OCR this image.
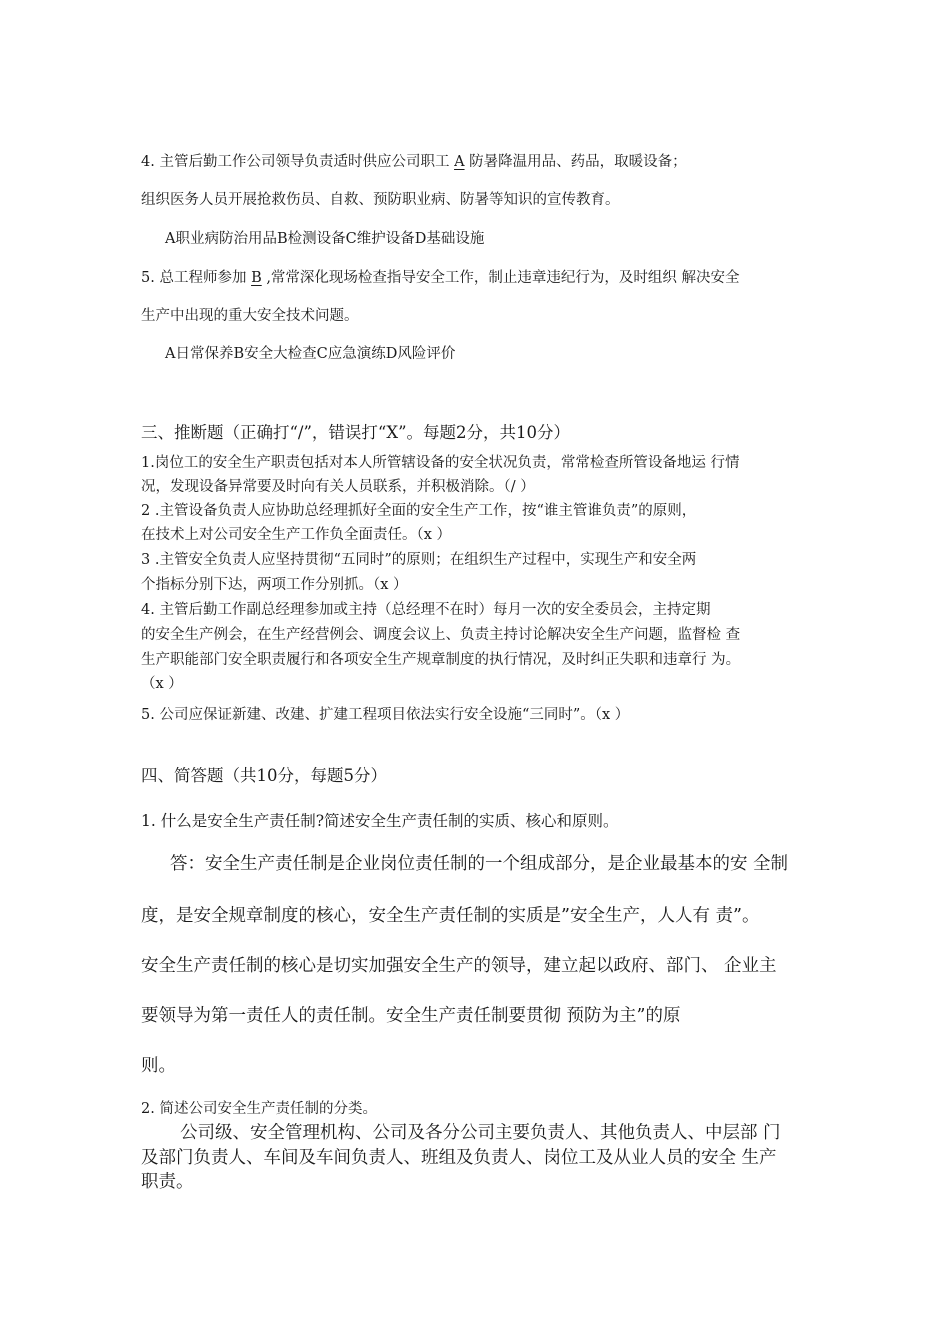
4. 主管后勤工作公司领导负责适时供应公司职工 A 防暑降温用品、药品，取暖设备；
组织医务人员开展抢救伤员、自救、预防职业病、防暑等知识的宣传教育。
A职业病防治用品B检测设备C维护设备D基础设施
5. 总工程师参加 B ,常常深化现场检查指导安全工作，制止违章违纪行为，及时组织 解决安全
生产中出现的重大安全技术问题。
A日常保养B安全大检查C应急演练D风险评价
三、推断题（正确打“/”，错误打“X”。每题2分，共10分）
1.岗位工的安全生产职责包括对本人所管辖设备的安全状况负责，常常检查所管设备地运 行情
况，发现设备异常要及时向有关人员联系，并积极消除。（/ ）
2 .主管设备负责人应协助总经理抓好全面的安全生产工作，按“谁主管谁负责”的原则，
在技术上对公司安全生产工作负全面责任。（x ）
3 .主管安全负责人应坚持贯彻“五同时”的原则；在组织生产过程中，实现生产和安全两
个指标分别下达，两项工作分别抓。（x ）
4. 主管后勤工作副总经理参加或主持（总经理不在时）每月一次的安全委员会，主持定期
的安全生产例会，在生产经营例会、调度会议上、负责主持讨论解决安全生产问题，监督检 查
生产职能部门安全职责履行和各项安全生产规章制度的执行情况，及时纠正失职和违章行 为。
（x ）
5. 公司应保证新建、改建、扩建工程项目依法实行安全设施“三同时”。（x ）
四、简答题（共10分，每题5分）
1. 什么是安全生产责任制?简述安全生产责任制的实质、核心和原则。
答：安全生产责任制是企业岗位责任制的一个组成部分，是企业最基本的安 全制
度，是安全规章制度的核心，安全生产责任制的实质是”安全生产，人人有 责”。
安全生产责任制的核心是切实加强安全生产的领导，建立起以政府、部门、 企业主
要领导为第一责任人的责任制。安全生产责任制要贯彻 预防为主”的原
则。
2. 简述公司安全生产责任制的分类。
公司级、安全管理机构、公司及各分公司主要负责人、其他负责人、中层部 门
及部门负责人、车间及车间负责人、班组及负责人、岗位工及从业人员的安全 生产
职责。
